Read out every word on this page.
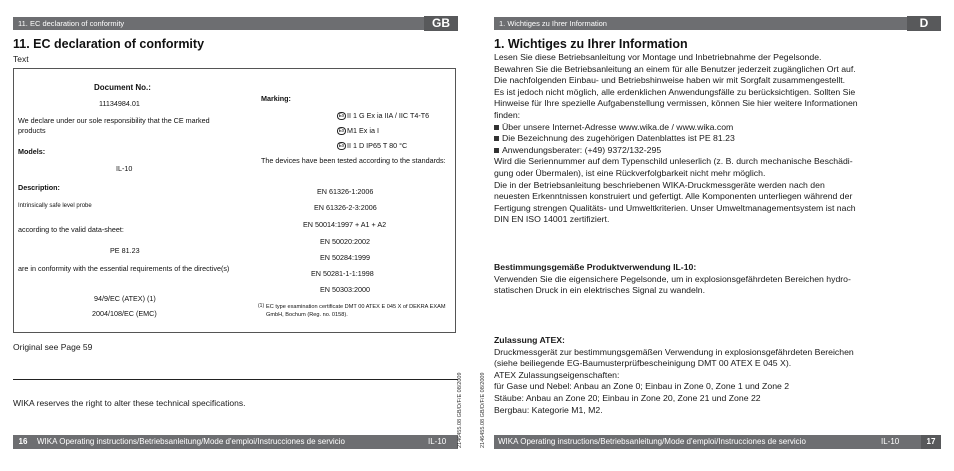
11. EC declaration of conformity	GB
11. EC declaration of conformity
Text
Document No.:
11134984.01
We declare under our sole responsibility that the CE marked products
Models:
IL-10
Description:
Intrinsically safe level probe
according to the valid data-sheet:
PE 81.23
are in conformity with the essential requirements of the directive(s)
94/9/EC (ATEX) (1)
2004/108/EC (EMC)
Marking:
Ex II 1 G Ex ia IIA / IIC T4-T6
Ex M1 Ex ia I
Ex II 1 D IP65 T 80 °C
The devices have been tested according to the standards:
EN 61326-1:2006
EN 61326-2-3:2006
EN 50014:1997 + A1 + A2
EN 50020:2002
EN 50284:1999
EN 50281-1-1:1998
EN 50303:2000
(1) EC type examination certificate DMT 00 ATEX E 045 X of DEKRA EXAM GmbH, Bochum (Reg. no. 0158).
Original see Page 59
WIKA reserves the right to alter these technical specifications.
16	WIKA Operating instructions/Betriebsanleitung/Mode d'emploi/Instrucciones de servicio	IL-10 2146455.08 GB/D/F/E 08/2009	2146455.08 GB/D/F/E 08/2009
1. Wichtiges zu Ihrer Information	D
1. Wichtiges zu Ihrer Information
Lesen Sie diese Betriebsanleitung vor Montage und Inbetriebnahme der Pegelsonde.
Bewahren Sie die Betriebsanleitung an einem für alle Benutzer jederzeit zugänglichen Ort auf.
Die nachfolgenden Einbau- und Betriebshinweise haben wir mit Sorgfalt zusammengestellt.
Es ist jedoch nicht möglich, alle erdenklichen Anwendungsfälle zu berücksichtigen. Sollten Sie
Hinweise für Ihre spezielle Aufgabenstellung vermissen, können Sie hier weitere Informationen
finden:
Über unsere Internet-Adresse www.wika.de / www.wika.com
Die Bezeichnung des zugehörigen Datenblattes ist PE 81.23
Anwendungsberater: (+49) 9372/132-295
Wird die Seriennummer auf dem Typenschild unleserlich (z. B. durch mechanische Beschädi-
gung oder Übermalen), ist eine Rückverfolgbarkeit nicht mehr möglich.
Die in der Betriebsanleitung beschriebenen WIKA-Druckmessgeräte werden nach den
neuesten Erkenntnissen konstruiert und gefertigt. Alle Komponenten unterliegen während der
Fertigung strengen Qualitäts- und Umweltkriterien. Unser Umweltmanagementsystem ist nach
DIN EN ISO 14001 zertifiziert.
Bestimmungsgemäße Produktverwendung IL-10:
Verwenden Sie die eigensichere Pegelsonde, um in explosionsgefährdeten Bereichen hydro-
statischen Druck in ein elektrisches Signal zu wandeln.
Zulassung ATEX:
Druckmessgerät zur bestimmungsgemäßen Verwendung in explosionsgefährdeten Bereichen
(siehe beiliegende EG-Baumusterprüfbescheinigung DMT 00 ATEX E 045 X).
ATEX Zulassungseigenschaften:
für Gase und Nebel: Anbau an Zone 0; Einbau in Zone 0, Zone 1 und Zone 2
Stäube: Anbau an Zone 20; Einbau in Zone 20, Zone 21 und Zone 22
Bergbau: Kategorie M1, M2.
WIKA Operating instructions/Betriebsanleitung/Mode d'emploi/Instrucciones de servicio	IL-10	17
